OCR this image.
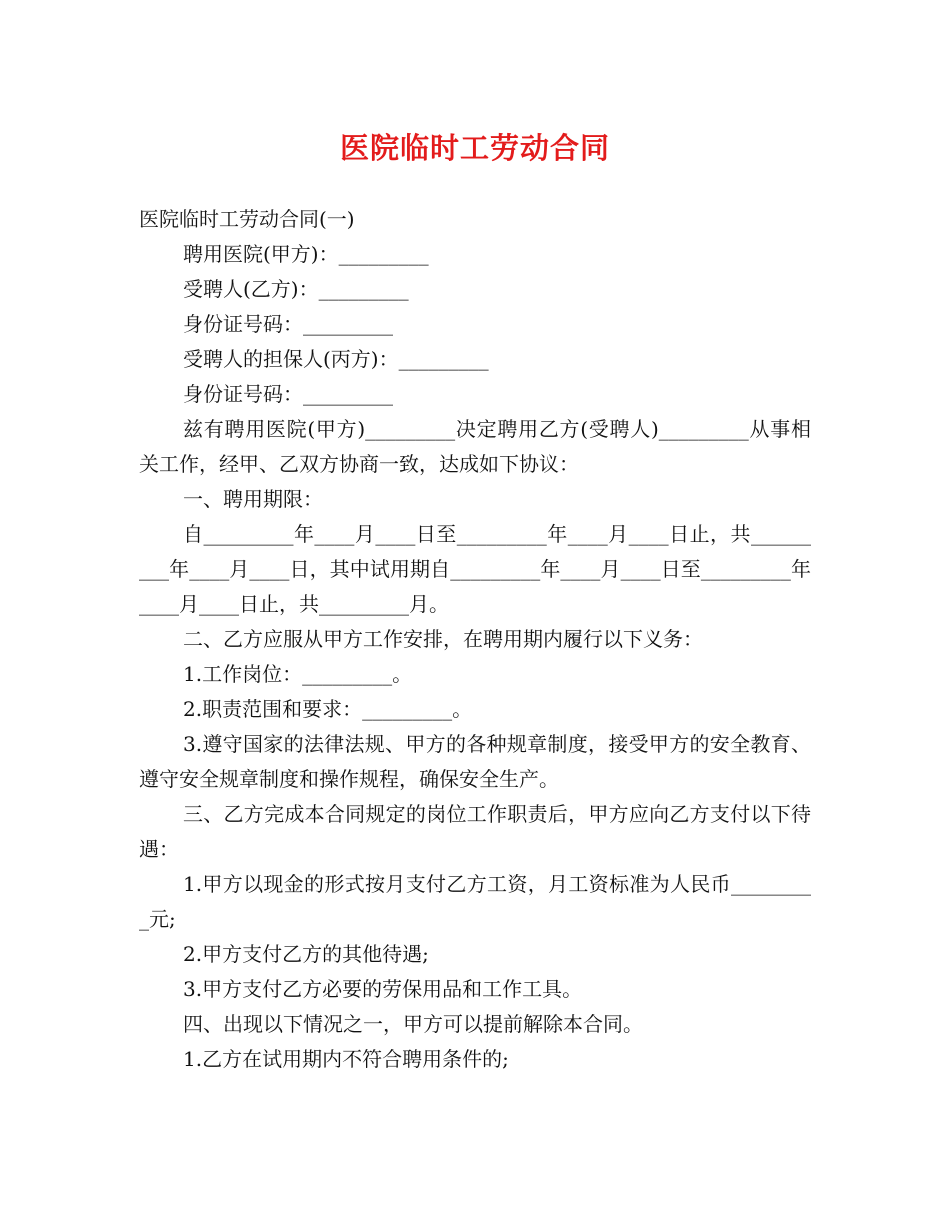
医院临时工劳动合同

医院临时工劳动合同(一)

聘用医院(甲方)：_________

受聘人(乙方)：_________

身份证号码：_________

受聘人的担保人(丙方)：_________

身份证号码：_________

兹有聘用医院(甲方)_________决定聘用乙方(受聘人)_________从事相关工作，经甲、乙双方协商一致，达成如下协议：

一、聘用期限：

自_________年____月____日至_________年____月____日止，共_________年____月____日，其中试用期自_________年____月____日至_________年____月____日止，共_________月。

二、乙方应服从甲方工作安排，在聘用期内履行以下义务：

1.工作岗位：_________。

2.职责范围和要求：_________。

3.遵守国家的法律法规、甲方的各种规章制度，接受甲方的安全教育、遵守安全规章制度和操作规程，确保安全生产。

三、乙方完成本合同规定的岗位工作职责后，甲方应向乙方支付以下待遇：

1.甲方以现金的形式按月支付乙方工资，月工资标准为人民币_________元;

2.甲方支付乙方的其他待遇;

3.甲方支付乙方必要的劳保用品和工作工具。

四、出现以下情况之一，甲方可以提前解除本合同。

1.乙方在试用期内不符合聘用条件的;
